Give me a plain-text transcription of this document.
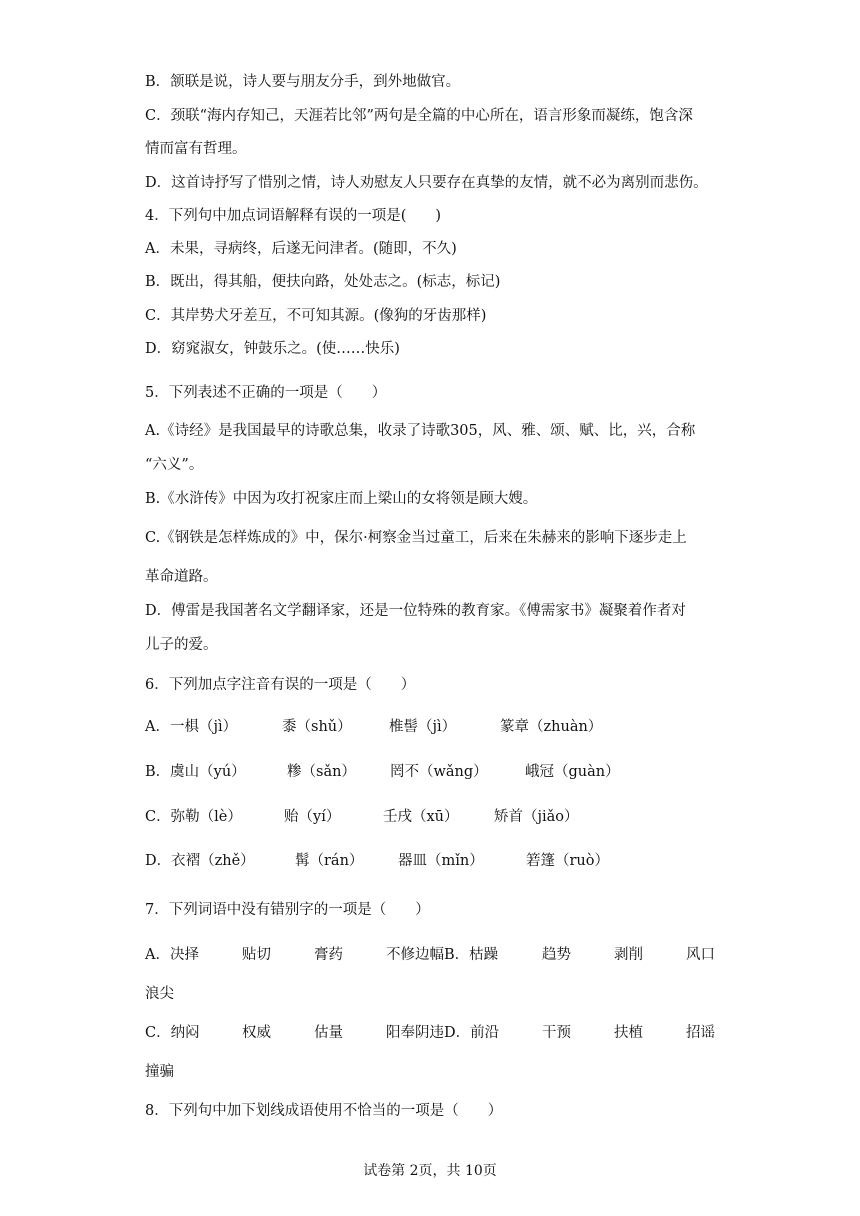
B．颔联是说，诗人要与朋友分手，到外地做官。
C．颈联“海内存知己，天涯若比邻”两句是全篇的中心所在，语言形象而凝练，饱含深
情而富有哲理。
D．这首诗抒写了惜别之情，诗人劝慰友人只要存在真挚的友情，就不必为离别而悲伤。
4．下列句中加点词语解释有误的一项是(　　)
A．未果，寻病终，后遂无问津者。(随即，不久)
B．既出，得其船，便扶向路，处处志之。(标志，标记)
C．其岸势犬牙差互，不可知其源。(像狗的牙齿那样)
D．窈窕淑女，钟鼓乐之。(使……快乐)
5．下列表述不正确的一项是（　　）
A.《诗经》是我国最早的诗歌总集，收录了诗歌305，风、雅、颂、赋、比，兴，合称
“六义”。
B.《水浒传》中因为攻打祝家庄而上梁山的女将领是顾大嫂。
C.《钢铁是怎样炼成的》中，保尔·柯察金当过童工，后来在朱赫来的影响下逐步走上
革命道路。
D．傅雷是我国著名文学翻译家，还是一位特殊的教育家。《傅需家书》凝聚着作者对
儿子的爱。
6．下列加点字注音有误的一项是（　　）
A．一椇（jì）	黍（shǔ）	椎髻（jì）	篆章（zhuàn）
B．虞山（yú）	糁（sǎn） 罔不（wǎng）	峨冠（guàn）
C．弥勒（lè）	贻（yí）	壬戌（xū） 矫首（jiǎo）
D．衣褶（zhě）	髯（rán） 器皿（mǐn）	箬篷（ruò）
7．下列词语中没有错别字的一项是（　　）
A．决择	贴切	膏药	不修边幅B．枯躁	趋势	剥削	风口
浪尖
C．纳闷	权威	估量	阳奉阴违D．前沿	干预	扶植	招谣
撞骗
8．下列句中加下划线成语使用不恰当的一项是（　　）
试卷第 2页，共 10页
